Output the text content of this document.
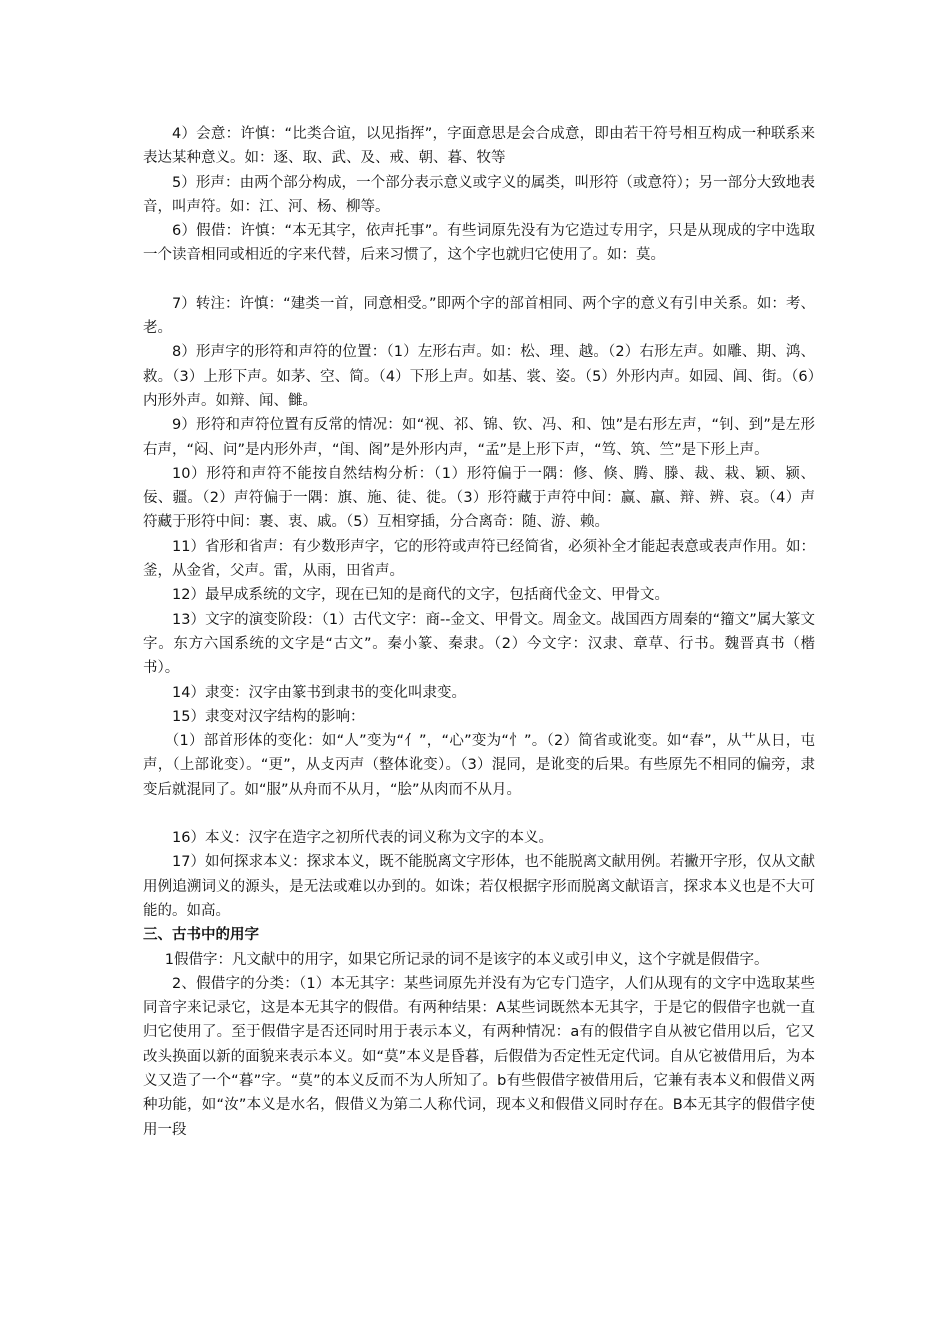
4）会意：许慎：“比类合谊，以见指挥”，字面意思是会合成意，即由若干符号相互构成一种联系来表达某种意义。如：逐、取、武、及、戒、朝、暮、牧等

5）形声：由两个部分构成，一个部分表示意义或字义的属类，叫形符（或意符）；另一部分大致地表音，叫声符。如：江、河、杨、柳等。

6）假借：许慎：“本无其字，依声托事”。有些词原先没有为它造过专用字，只是从现成的字中选取一个读音相同或相近的字来代替，后来习惯了，这个字也就归它使用了。如：莫。

7）转注：许慎：“建类一首，同意相受。”即两个字的部首相同、两个字的意义有引申关系。如：考、老。

8）形声字的形符和声符的位置：（1）左形右声。如：松、理、越。（2）右形左声。如雕、期、鸿、救。（3）上形下声。如茅、空、简。（4）下形上声。如基、裳、姿。（5）外形内声。如园、阊、街。（6）内形外声。如辩、闻、雠。

9）形符和声符位置有反常的情况：如“视、祁、锦、钦、冯、和、蚀”是右形左声，“钊、到”是左形右声，“闷、问”是内形外声，“闺、阁”是外形内声，“孟”是上形下声，“笃、筑、竺”是下形上声。

10）形符和声符不能按自然结构分析：（1）形符偏于一隅：修、倏、腾、滕、裁、栽、颖、颍、佞、疆。（2）声符偏于一隅：旗、施、徒、徙。（3）形符藏于声符中间：赢、羸、辩、辨、哀。（4）声符藏于形符中间：裹、衷、戚。（5）互相穿插，分合离奇：随、游、赖。

11）省形和省声：有少数形声字，它的形符或声符已经简省，必须补全才能起表意或表声作用。如：釜，从金省，父声。雷，从雨，田省声。

12）最早成系统的文字，现在已知的是商代的文字，包括商代金文、甲骨文。

13）文字的演变阶段：（1）古代文字：商--金文、甲骨文。周金文。战国西方周秦的“籀文”属大篆文字。东方六国系统的文字是“古文”。秦小篆、秦隶。（2）今文字：汉隶、章草、行书。魏晋真书（楷书）。

14）隶变：汉字由篆书到隶书的变化叫隶变。

15）隶变对汉字结构的影响：

（1）部首形体的变化：如“人”变为“亻”，“心”变为“忄”。（2）简省或讹变。如“春”，从艹从日，屯声，（上部讹变）。“更”，从攴丙声（整体讹变）。（3）混同，是讹变的后果。有些原先不相同的偏旁，隶变后就混同了。如“服”从舟而不从月，“脍”从肉而不从月。

16）本义：汉字在造字之初所代表的词义称为文字的本义。

17）如何探求本义：探求本义，既不能脱离文字形体，也不能脱离文献用例。若撇开字形，仅从文献用例追溯词义的源头，是无法或难以办到的。如诛；若仅根据字形而脱离文献语言，探求本义也是不大可能的。如高。

三、古书中的用字

1假借字：凡文献中的用字，如果它所记录的词不是该字的本义或引申义，这个字就是假借字。

2、假借字的分类：（1）本无其字：某些词原先并没有为它专门造字，人们从现有的文字中选取某些同音字来记录它，这是本无其字的假借。有两种结果：A某些词既然本无其字，于是它的假借字也就一直归它使用了。至于假借字是否还同时用于表示本义，有两种情况：a有的假借字自从被它借用以后，它又改头换面以新的面貌来表示本义。如“莫”本义是昏暮，后假借为否定性无定代词。自从它被借用后，为本义又造了一个“暮”字。“莫”的本义反而不为人所知了。b有些假借字被借用后，它兼有表本义和假借义两种功能，如“汝”本义是水名，假借义为第二人称代词，现本义和假借义同时存在。B本无其字的假借字使用一段
